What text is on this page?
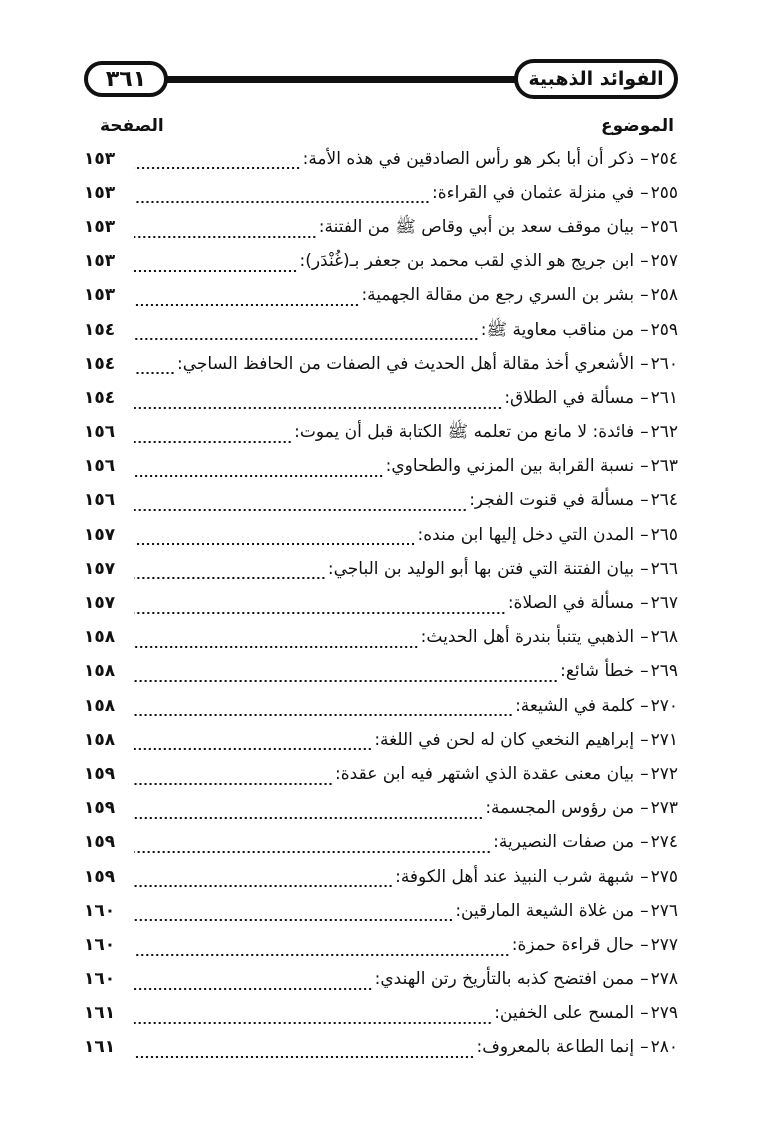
٣٦١	الفوائد الذهبية
الموضوع
الصفحة
٢٥٤
–
ذكر أن أبا بكر هو رأس الصادقين في هذه الأمة:
١٥٣
٢٥٥
–
في منزلة عثمان في القراءة:
١٥٣
٢٥٦
–
بيان موقف سعد بن أبي وقاص ﷺ من الفتنة:
١٥٣
٢٥٧
–
ابن جريج هو الذي لقب محمد بن جعفر بـ(غُنْدَر):
١٥٣
٢٥٨
–
بشر بن السري رجع من مقالة الجهمية:
١٥٣
٢٥٩
–
من مناقب معاوية ﷺ:
١٥٤
٢٦٠
–
الأشعري أخذ مقالة أهل الحديث في الصفات من الحافظ الساجي:
١٥٤
٢٦١
–
مسألة في الطلاق:
١٥٤
٢٦٢
–
فائدة: لا مانع من تعلمه ﷺ الكتابة قبل أن يموت:
١٥٦
٢٦٣
–
نسبة القرابة بين المزني والطحاوي:
١٥٦
٢٦٤
–
مسألة في قنوت الفجر:
١٥٦
٢٦٥
–
المدن التي دخل إليها ابن منده:
١٥٧
٢٦٦
–
بيان الفتنة التي فتن بها أبو الوليد بن الباجي:
١٥٧
٢٦٧
–
مسألة في الصلاة:
١٥٧
٢٦٨
–
الذهبي يتنبأ بندرة أهل الحديث:
١٥٨
٢٦٩
–
خطأ شائع:
١٥٨
٢٧٠
–
كلمة في الشيعة:
١٥٨
٢٧١
–
إبراهيم النخعي كان له لحن في اللغة:
١٥٨
٢٧٢
–
بيان معنى عقدة الذي اشتهر فيه ابن عقدة:
١٥٩
٢٧٣
–
من رؤوس المجسمة:
١٥٩
٢٧٤
–
من صفات النصيرية:
١٥٩
٢٧٥
–
شبهة شرب النبيذ عند أهل الكوفة:
١٥٩
٢٧٦
–
من غلاة الشيعة المارقين:
١٦٠
٢٧٧
–
حال قراءة حمزة:
١٦٠
٢٧٨
–
ممن افتضح كذبه بالتأريخ رتن الهندي:
١٦٠
٢٧٩
–
المسح على الخفين:
١٦١
٢٨٠
–
إنما الطاعة بالمعروف:
١٦١
